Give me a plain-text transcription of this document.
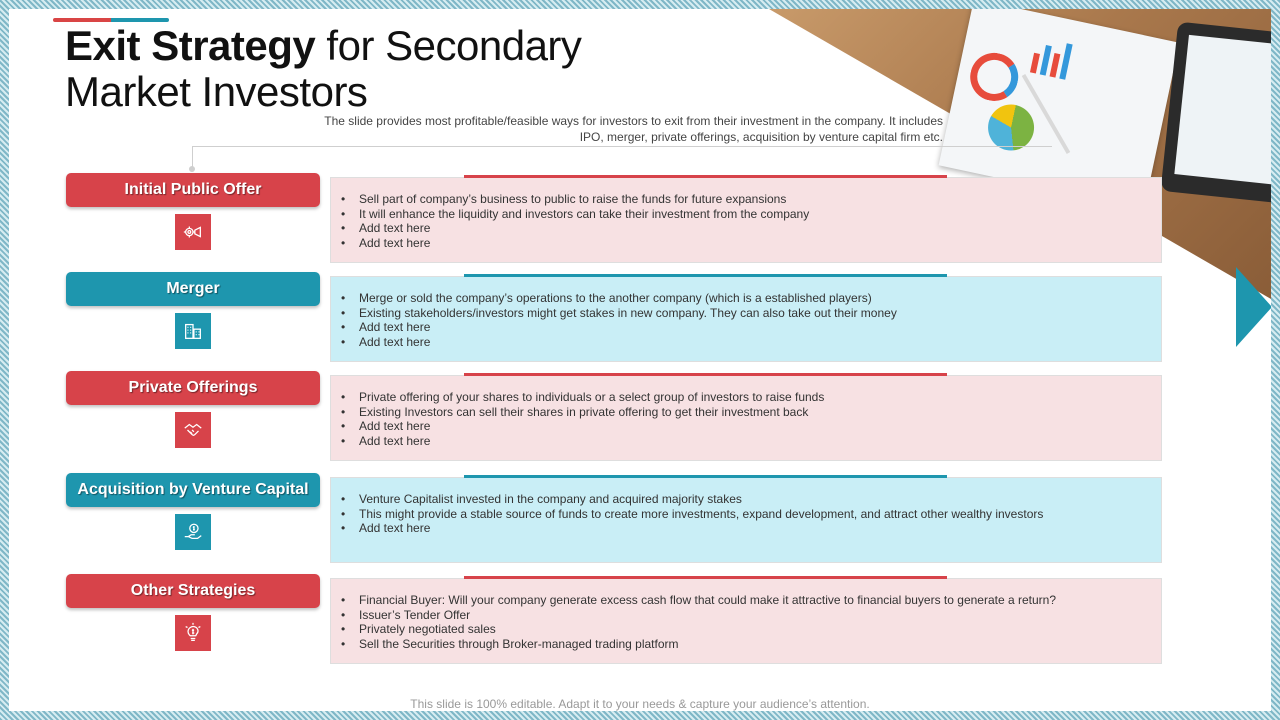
Exit Strategy for Secondary
Market Investors
The slide provides most profitable/feasible ways for investors to exit from their investment in the company. It includes IPO, merger, private offerings, acquisition by venture capital firm etc.
Initial Public Offer
• Sell part of company’s business to public to raise the funds for future expansions
• It will enhance the liquidity and investors can take their investment from the company
• Add text here
• Add text here
Merger
• Merge or sold the company’s operations to the another company (which is a established players)
• Existing stakeholders/investors might get stakes in new company. They can also take out their money
• Add text here
• Add text here
Private Offerings
• Private offering of your shares to individuals or a select group of investors to raise funds
• Existing Investors can sell their shares in private offering to get their investment back
• Add text here
• Add text here
Acquisition by Venture Capital
• Venture Capitalist invested in the company and acquired majority stakes
• This might provide a stable source of funds to create more investments, expand development, and attract other wealthy investors
• Add text here
Other Strategies
• Financial Buyer: Will your company generate excess cash flow that could make it attractive to financial buyers to generate a return?
• Issuer’s Tender Offer
• Privately negotiated sales
• Sell the Securities through Broker-managed trading platform
This slide is 100% editable. Adapt it to your needs & capture your audience’s attention.
